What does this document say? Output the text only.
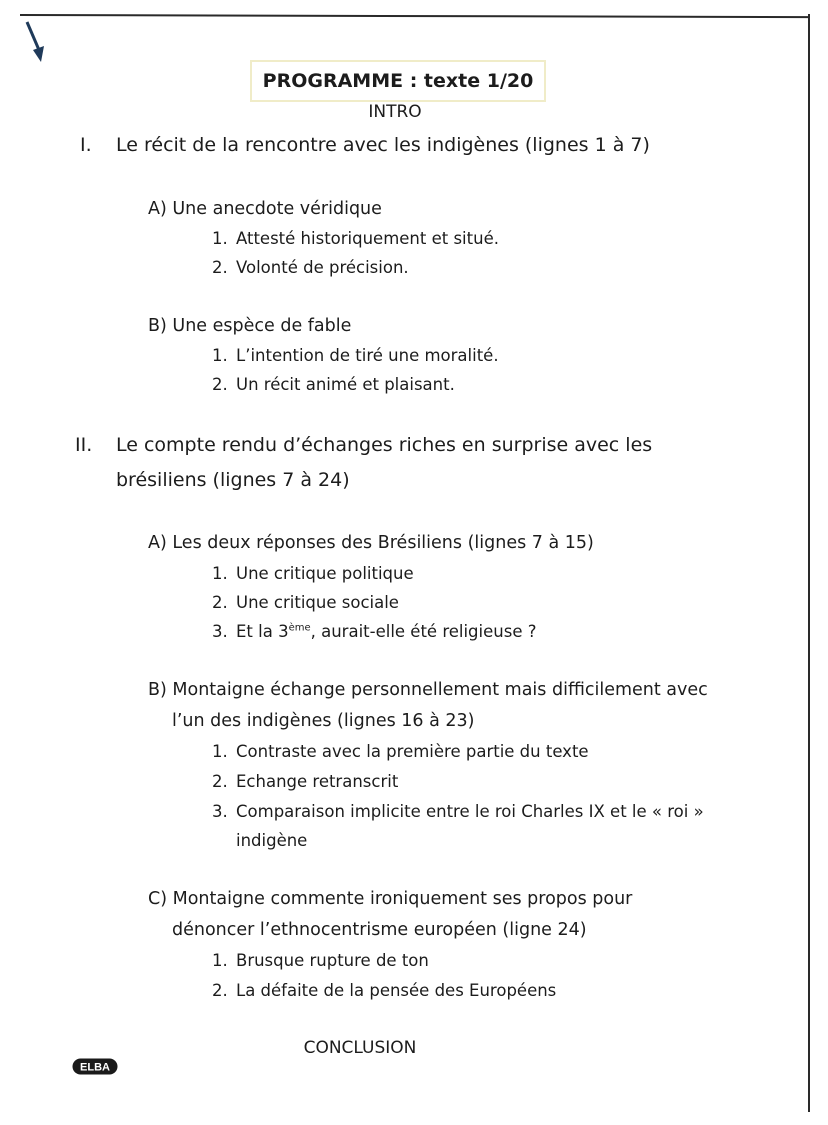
PROGRAMME : texte 1/20
INTRO
I. Le récit de la rencontre avec les indigènes (lignes 1 à 7)
A) Une anecdote véridique
1. Attesté historiquement et situé.
2. Volonté de précision.
B) Une espèce de fable
1. L’intention de tiré une moralité.
2. Un récit animé et plaisant.
II. Le compte rendu d’échanges riches en surprise avec les
brésiliens (lignes 7 à 24)
A) Les deux réponses des Brésiliens (lignes 7 à 15)
1. Une critique politique
2. Une critique sociale
3. Et la 3ème, aurait-elle été religieuse ?
B) Montaigne échange personnellement mais difficilement avec
l’un des indigènes (lignes 16 à 23)
1. Contraste avec la première partie du texte
2. Echange retranscrit
3. Comparaison implicite entre le roi Charles IX et le « roi »
indigène
C) Montaigne commente ironiquement ses propos pour
dénoncer l’ethnocentrisme européen (ligne 24)
1. Brusque rupture de ton
2. La défaite de la pensée des Européens
CONCLUSION
ELBA
